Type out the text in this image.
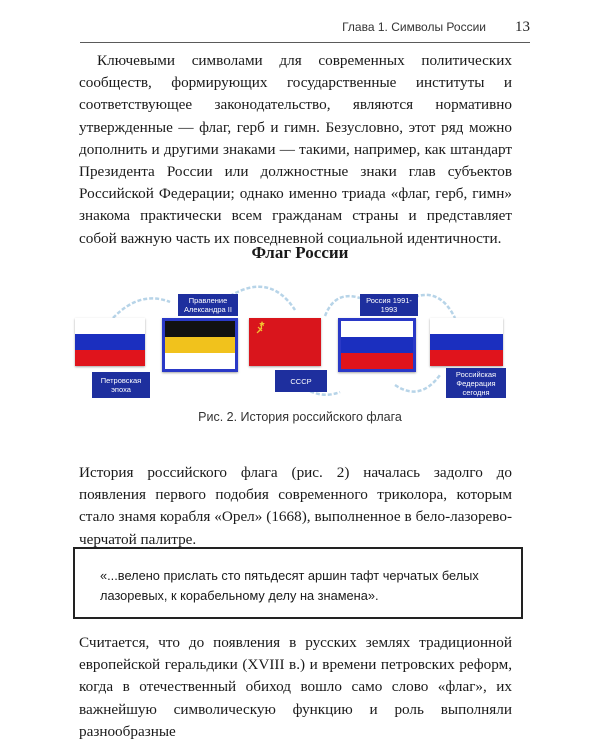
Глава 1. Символы России 13

Ключевыми символами для современных политических сообществ, формирующих государственные институты и соответствующее законодательство, являются нормативно утвержденные — флаг, герб и гимн. Безусловно, этот ряд можно дополнить и другими знаками — такими, например, как штандарт Президента России или должностные знаки глав субъектов Российской Федерации; однако именно триада «флаг, герб, гимн» знакома практически всем гражданам страны и представляет собой важную часть их повседневной социальной идентичности.

Флаг России
Петровская эпоха
Правление Александра II
СССР
Россия 1991-1993
Российская Федерация сегодня
Рис. 2. История российского флага

История российского флага (рис. 2) началась задолго до появления первого подобия современного триколора, которым стало знамя корабля «Орел» (1668), выполненное в бело-лазорево-черчатой палитре.

«...велено прислать сто пятьдесят аршин тафт черчатых белых лазоревых, к корабельному делу на знамена».

Считается, что до появления в русских землях традиционной европейской геральдики (XVIII в.) и времени петровских реформ, когда в отечественный обиход вошло само слово «флаг», их важнейшую символическую функцию и роль выполняли разнообразные
